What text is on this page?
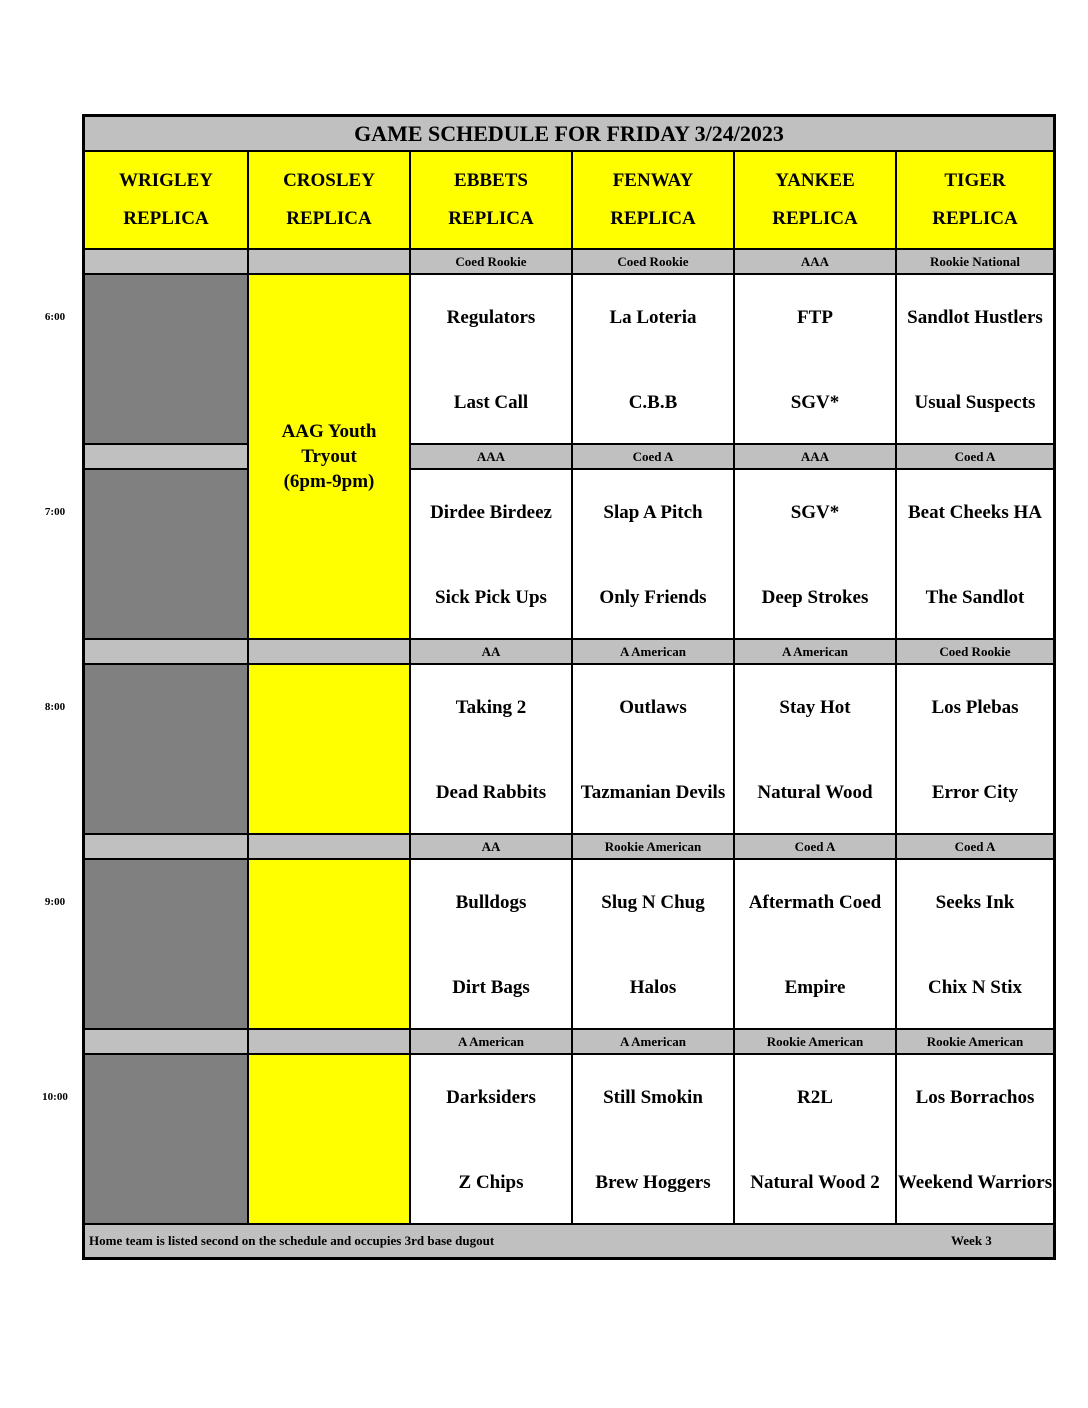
GAME SCHEDULE FOR FRIDAY 3/24/2023
WRIGLEY
REPLICA
CROSLEY
REPLICA
EBBETS
REPLICA
FENWAY
REPLICA
YANKEE
REPLICA
TIGER
REPLICA
Coed Rookie
Regulators
Last Call
Coed Rookie
La Loteria
C.B.B
AAA
FTP
SGV*
Rookie National
Sandlot Hustlers
Usual Suspects
AAA
Dirdee Birdeez
Sick Pick Ups
Coed A
Slap A Pitch
Only Friends
AAA
SGV*
Deep Strokes
Coed A
Beat Cheeks HA
The Sandlot
AA
Taking 2
Dead Rabbits
A American
Outlaws
Tazmanian Devils
A American
Stay Hot
Natural Wood
Coed Rookie
Los Plebas
Error City
AA
Bulldogs
Dirt Bags
Rookie American
Slug N Chug
Halos
Coed A
Aftermath Coed
Empire
Coed A
Seeks Ink
Chix N Stix
A American
Darksiders
Z Chips
A American
Still Smokin
Brew Hoggers
Rookie American
R2L
Natural Wood 2
Rookie American
Los Borrachos
Weekend Warriors
AAG Youth
Tryout
(6pm-9pm)
Home team is listed second on the schedule and occupies 3rd base dugout	Week 3
6:00
7:00
8:00
9:00
10:00
